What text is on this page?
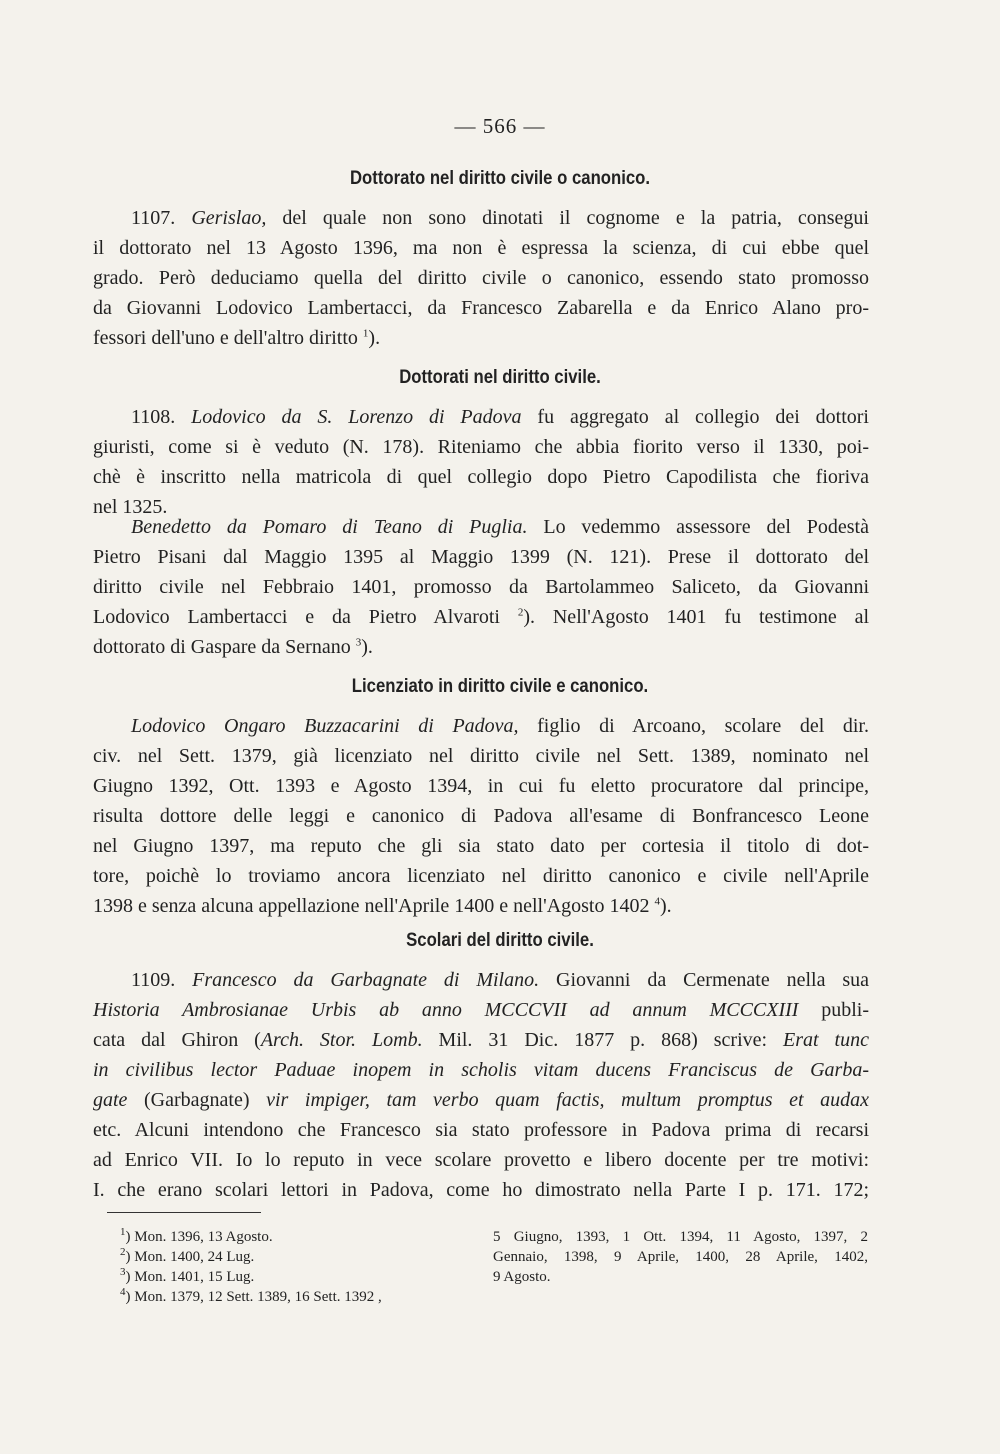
— 566 —
Dottorato nel diritto civile o canonico.
1107. Gerislao, del quale non sono dinotati il cognome e la patria, consegui
il dottorato nel 13 Agosto 1396, ma non è espressa la scienza, di cui ebbe quel
grado. Però deduciamo quella del diritto civile o canonico, essendo stato promosso
da Giovanni Lodovico Lambertacci, da Francesco Zabarella e da Enrico Alano pro-
fessori dell'uno e dell'altro diritto $^1$).
Dottorati nel diritto civile.
1108. Lodovico da S. Lorenzo di Padova fu aggregato al collegio dei dottori
giuristi, come si è veduto (N. 178). Riteniamo che abbia fiorito verso il 1330, poi-
chè è inscritto nella matricola di quel collegio dopo Pietro Capodilista che fioriva
nel 1325.
Benedetto da Pomaro di Teano di Puglia. Lo vedemmo assessore del Podestà
Pietro Pisani dal Maggio 1395 al Maggio 1399 (N. 121). Prese il dottorato del
diritto civile nel Febbraio 1401, promosso da Bartolammeo Saliceto, da Giovanni
Lodovico Lambertacci e da Pietro Alvaroti $^2$). Nell'Agosto 1401 fu testimone al
dottorato di Gaspare da Sernano $^3$).
Licenziato in diritto civile e canonico.
Lodovico Ongaro Buzzacarini di Padova, figlio di Arcoano, scolare del dir.
civ. nel Sett. 1379, già licenziato nel diritto civile nel Sett. 1389, nominato nel
Giugno 1392, Ott. 1393 e Agosto 1394, in cui fu eletto procuratore dal principe,
risulta dottore delle leggi e canonico di Padova all'esame di Bonfrancesco Leone
nel Giugno 1397, ma reputo che gli sia stato dato per cortesia il titolo di dot-
tore, poichè lo troviamo ancora licenziato nel diritto canonico e civile nell'Aprile
1398 e senza alcuna appellazione nell'Aprile 1400 e nell'Agosto 1402 $^4$).
Scolari del diritto civile.
1109. Francesco da Garbagnate di Milano. Giovanni da Cermenate nella sua
Historia Ambrosianae Urbis ab anno MCCCVII ad annum MCCCXIII publi-
cata dal Ghiron (Arch. Stor. Lomb. Mil. 31 Dic. 1877 p. 868) scrive: Erat tunc
in civilibus lector Paduae inopem in scholis vitam ducens Franciscus de Garba-
gate (Garbagnate) vir impiger, tam verbo quam factis, multum promptus et audax
etc. Alcuni intendono che Francesco sia stato professore in Padova prima di recarsi
ad Enrico VII. Io lo reputo in vece scolare provetto e libero docente per tre motivi:
I. che erano scolari lettori in Padova, come ho dimostrato nella Parte I p. 171. 172;
$^1$) Mon. 1396, 13 Agosto.
$^2$) Mon. 1400, 24 Lug.
$^3$) Mon. 1401, 15 Lug.
$^4$) Mon. 1379, 12 Sett. 1389, 16 Sett. 1392 ,
5 Giugno, 1393, 1 Ott. 1394, 11 Agosto, 1397, 2
Gennaio, 1398, 9 Aprile, 1400, 28 Aprile, 1402,
9 Agosto.
